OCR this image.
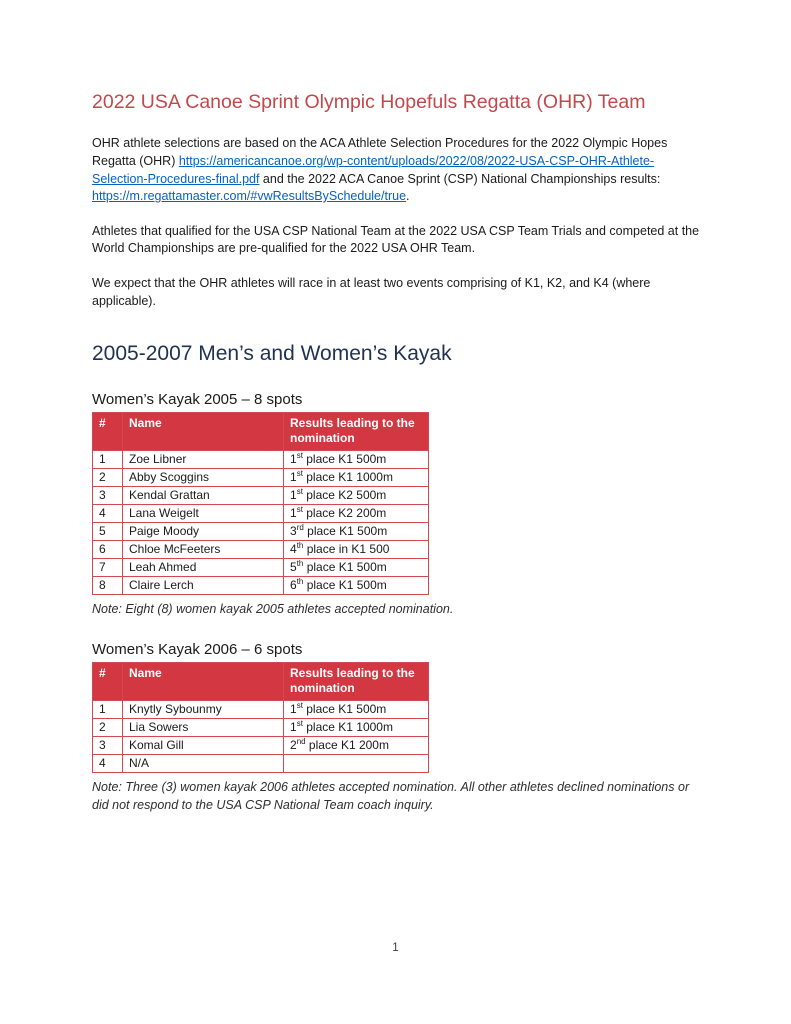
2022 USA Canoe Sprint Olympic Hopefuls Regatta (OHR) Team

OHR athlete selections are based on the ACA Athlete Selection Procedures for the 2022 Olympic Hopes Regatta (OHR) https://americancanoe.org/wp-content/uploads/2022/08/2022-USA-CSP-OHR-Athlete-Selection-Procedures-final.pdf and the 2022 ACA Canoe Sprint (CSP) National Championships results: https://m.regattamaster.com/#vwResultsBySchedule/true.

Athletes that qualified for the USA CSP National Team at the 2022 USA CSP Team Trials and competed at the World Championships are pre-qualified for the 2022 USA OHR Team.

We expect that the OHR athletes will race in at least two events comprising of K1, K2, and K4 (where applicable).

2005-2007 Men’s and Women’s Kayak
Women’s Kayak 2005 – 8 spots
#	Name	Results leading to the nomination
1	Zoe Libner	1st place K1 500m
2	Abby Scoggins	1st place K1 1000m
3	Kendal Grattan	1st place K2 500m
4	Lana Weigelt	1st place K2 200m
5	Paige Moody	3rd place K1 500m
6	Chloe McFeeters	4th place in K1 500
7	Leah Ahmed	5th place K1 500m
8	Claire Lerch	6th place K1 500m

Note: Eight (8) women kayak 2005 athletes accepted nomination.

Women’s Kayak 2006 – 6 spots
#	Name	Results leading to the nomination
1	Knytly Sybounmy	1st place K1 500m
2	Lia Sowers	1st place K1 1000m
3	Komal Gill	2nd place K1 200m
4	N/A	

Note: Three (3) women kayak 2006 athletes accepted nomination. All other athletes declined nominations or did not respond to the USA CSP National Team coach inquiry.

1
